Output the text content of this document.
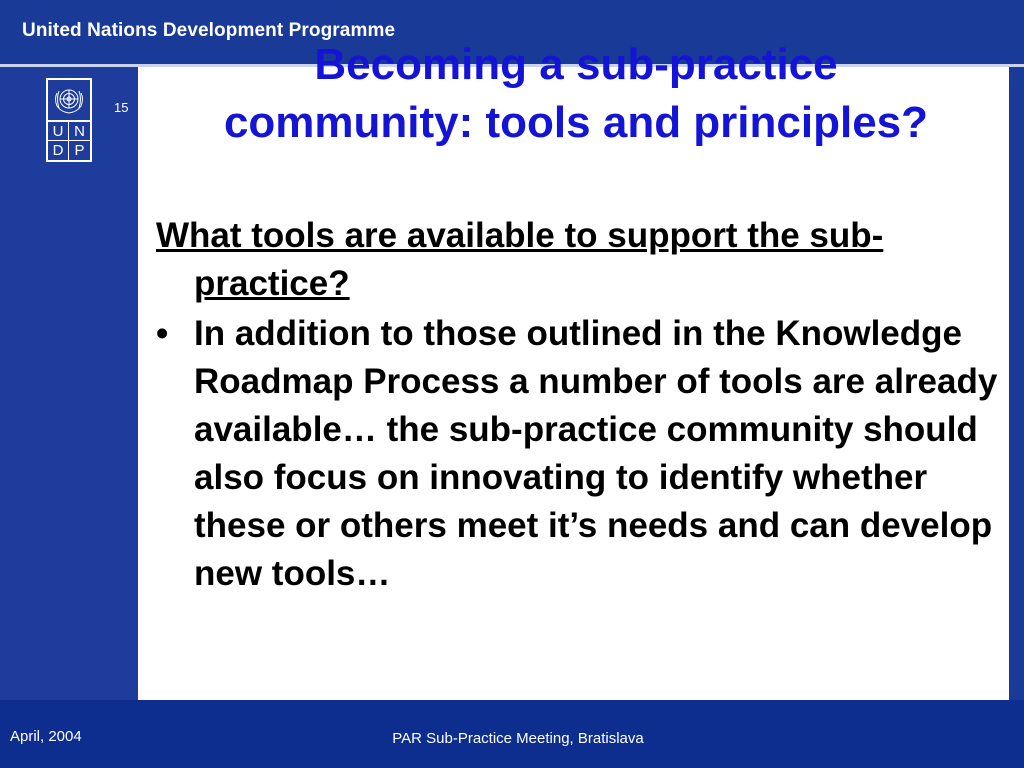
United Nations Development Programme
U N
D P
15

What tools are available to support the sub-practice?

• In addition to those outlined in the Knowledge Roadmap Process a number of tools are already available… the sub-practice community should also focus on innovating to identify whether these or others meet it’s needs and can develop new tools…

Becoming a sub-practice community: tools and principles?
April, 2004	PAR Sub-Practice Meeting, Bratislava
